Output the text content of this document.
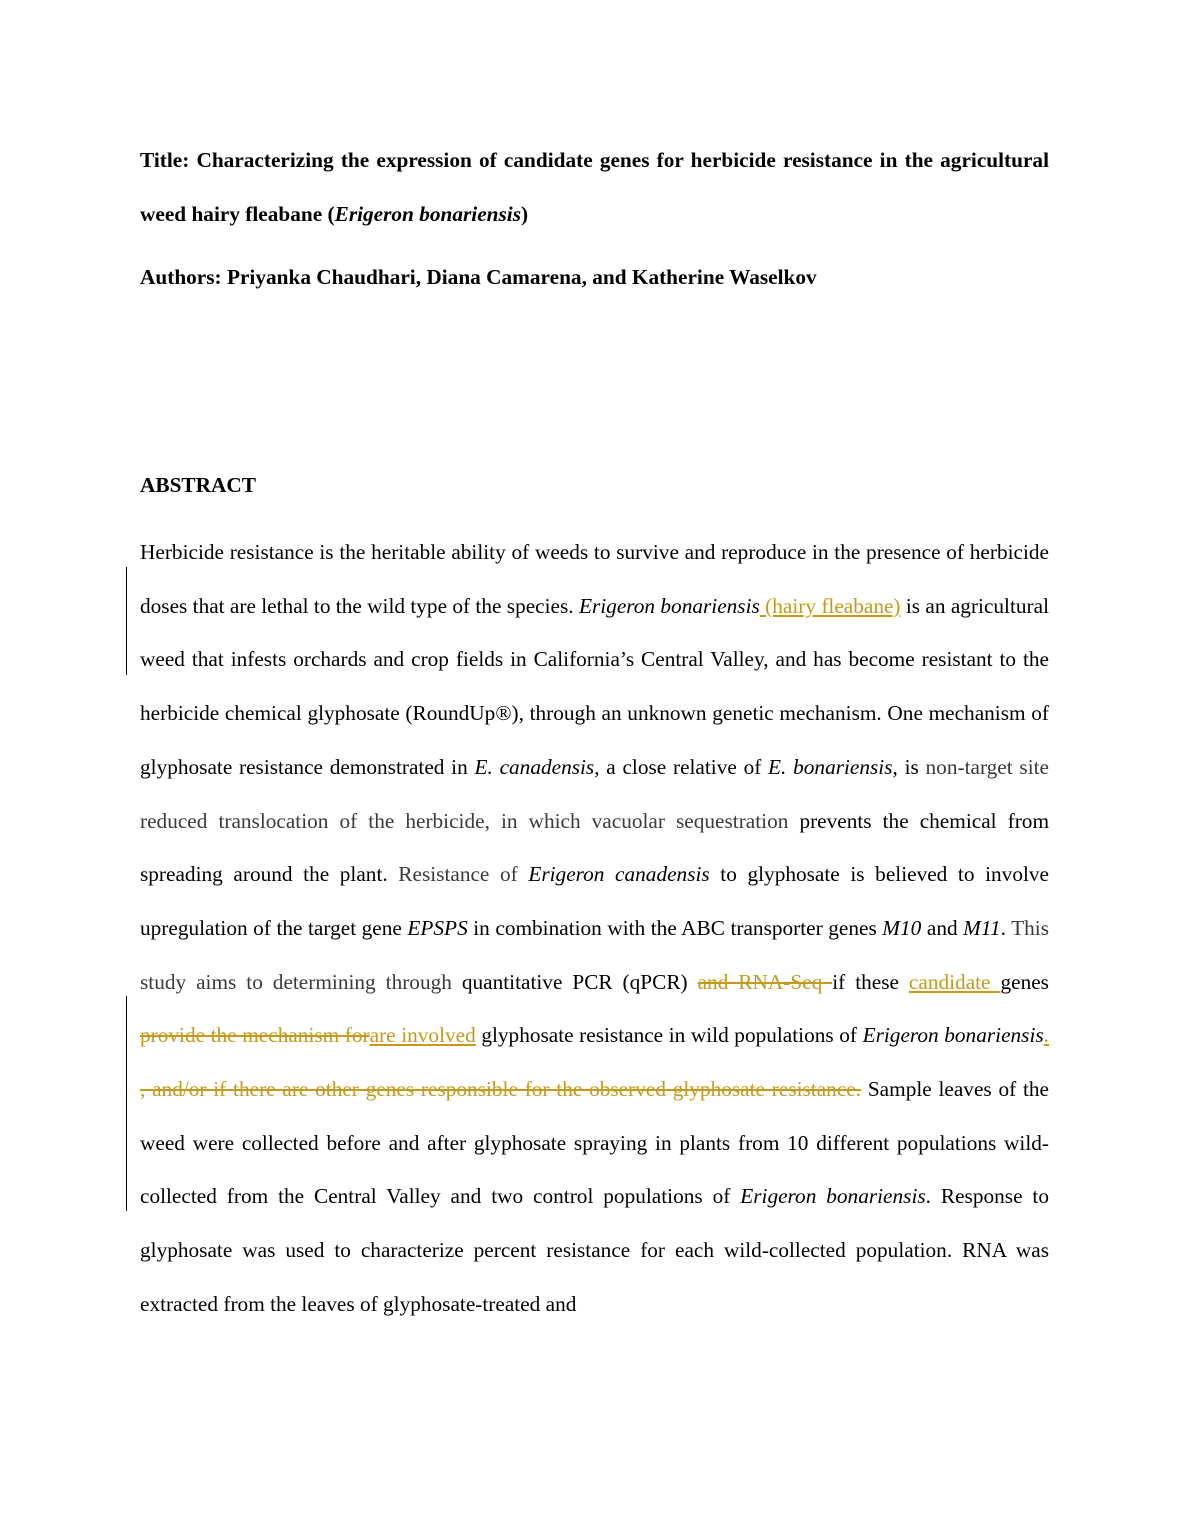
Title: Characterizing the expression of candidate genes for herbicide resistance in the agricultural weed hairy fleabane (Erigeron bonariensis)

Authors: Priyanka Chaudhari, Diana Camarena, and Katherine Waselkov

ABSTRACT

Herbicide resistance is the heritable ability of weeds to survive and reproduce in the presence of herbicide doses that are lethal to the wild type of the species. Erigeron bonariensis (hairy fleabane) is an agricultural weed that infests orchards and crop fields in California’s Central Valley, and has become resistant to the herbicide chemical glyphosate (RoundUp®), through an unknown genetic mechanism. One mechanism of glyphosate resistance demonstrated in E. canadensis, a close relative of E. bonariensis, is non-target site reduced translocation of the herbicide, in which vacuolar sequestration prevents the chemical from spreading around the plant. Resistance of Erigeron canadensis to glyphosate is believed to involve upregulation of the target gene EPSPS in combination with the ABC transporter genes M10 and M11. This study aims to determining through quantitative PCR (qPCR) and RNA-Seq if these candidate genes provide the mechanism forare involved glyphosate resistance in wild populations of Erigeron bonariensis. , and/or if there are other genes responsible for the observed glyphosate resistance. Sample leaves of the weed were collected before and after glyphosate spraying in plants from 10 different populations wild-collected from the Central Valley and two control populations of Erigeron bonariensis. Response to glyphosate was used to characterize percent resistance for each wild-collected population. RNA was extracted from the leaves of glyphosate-treated and
